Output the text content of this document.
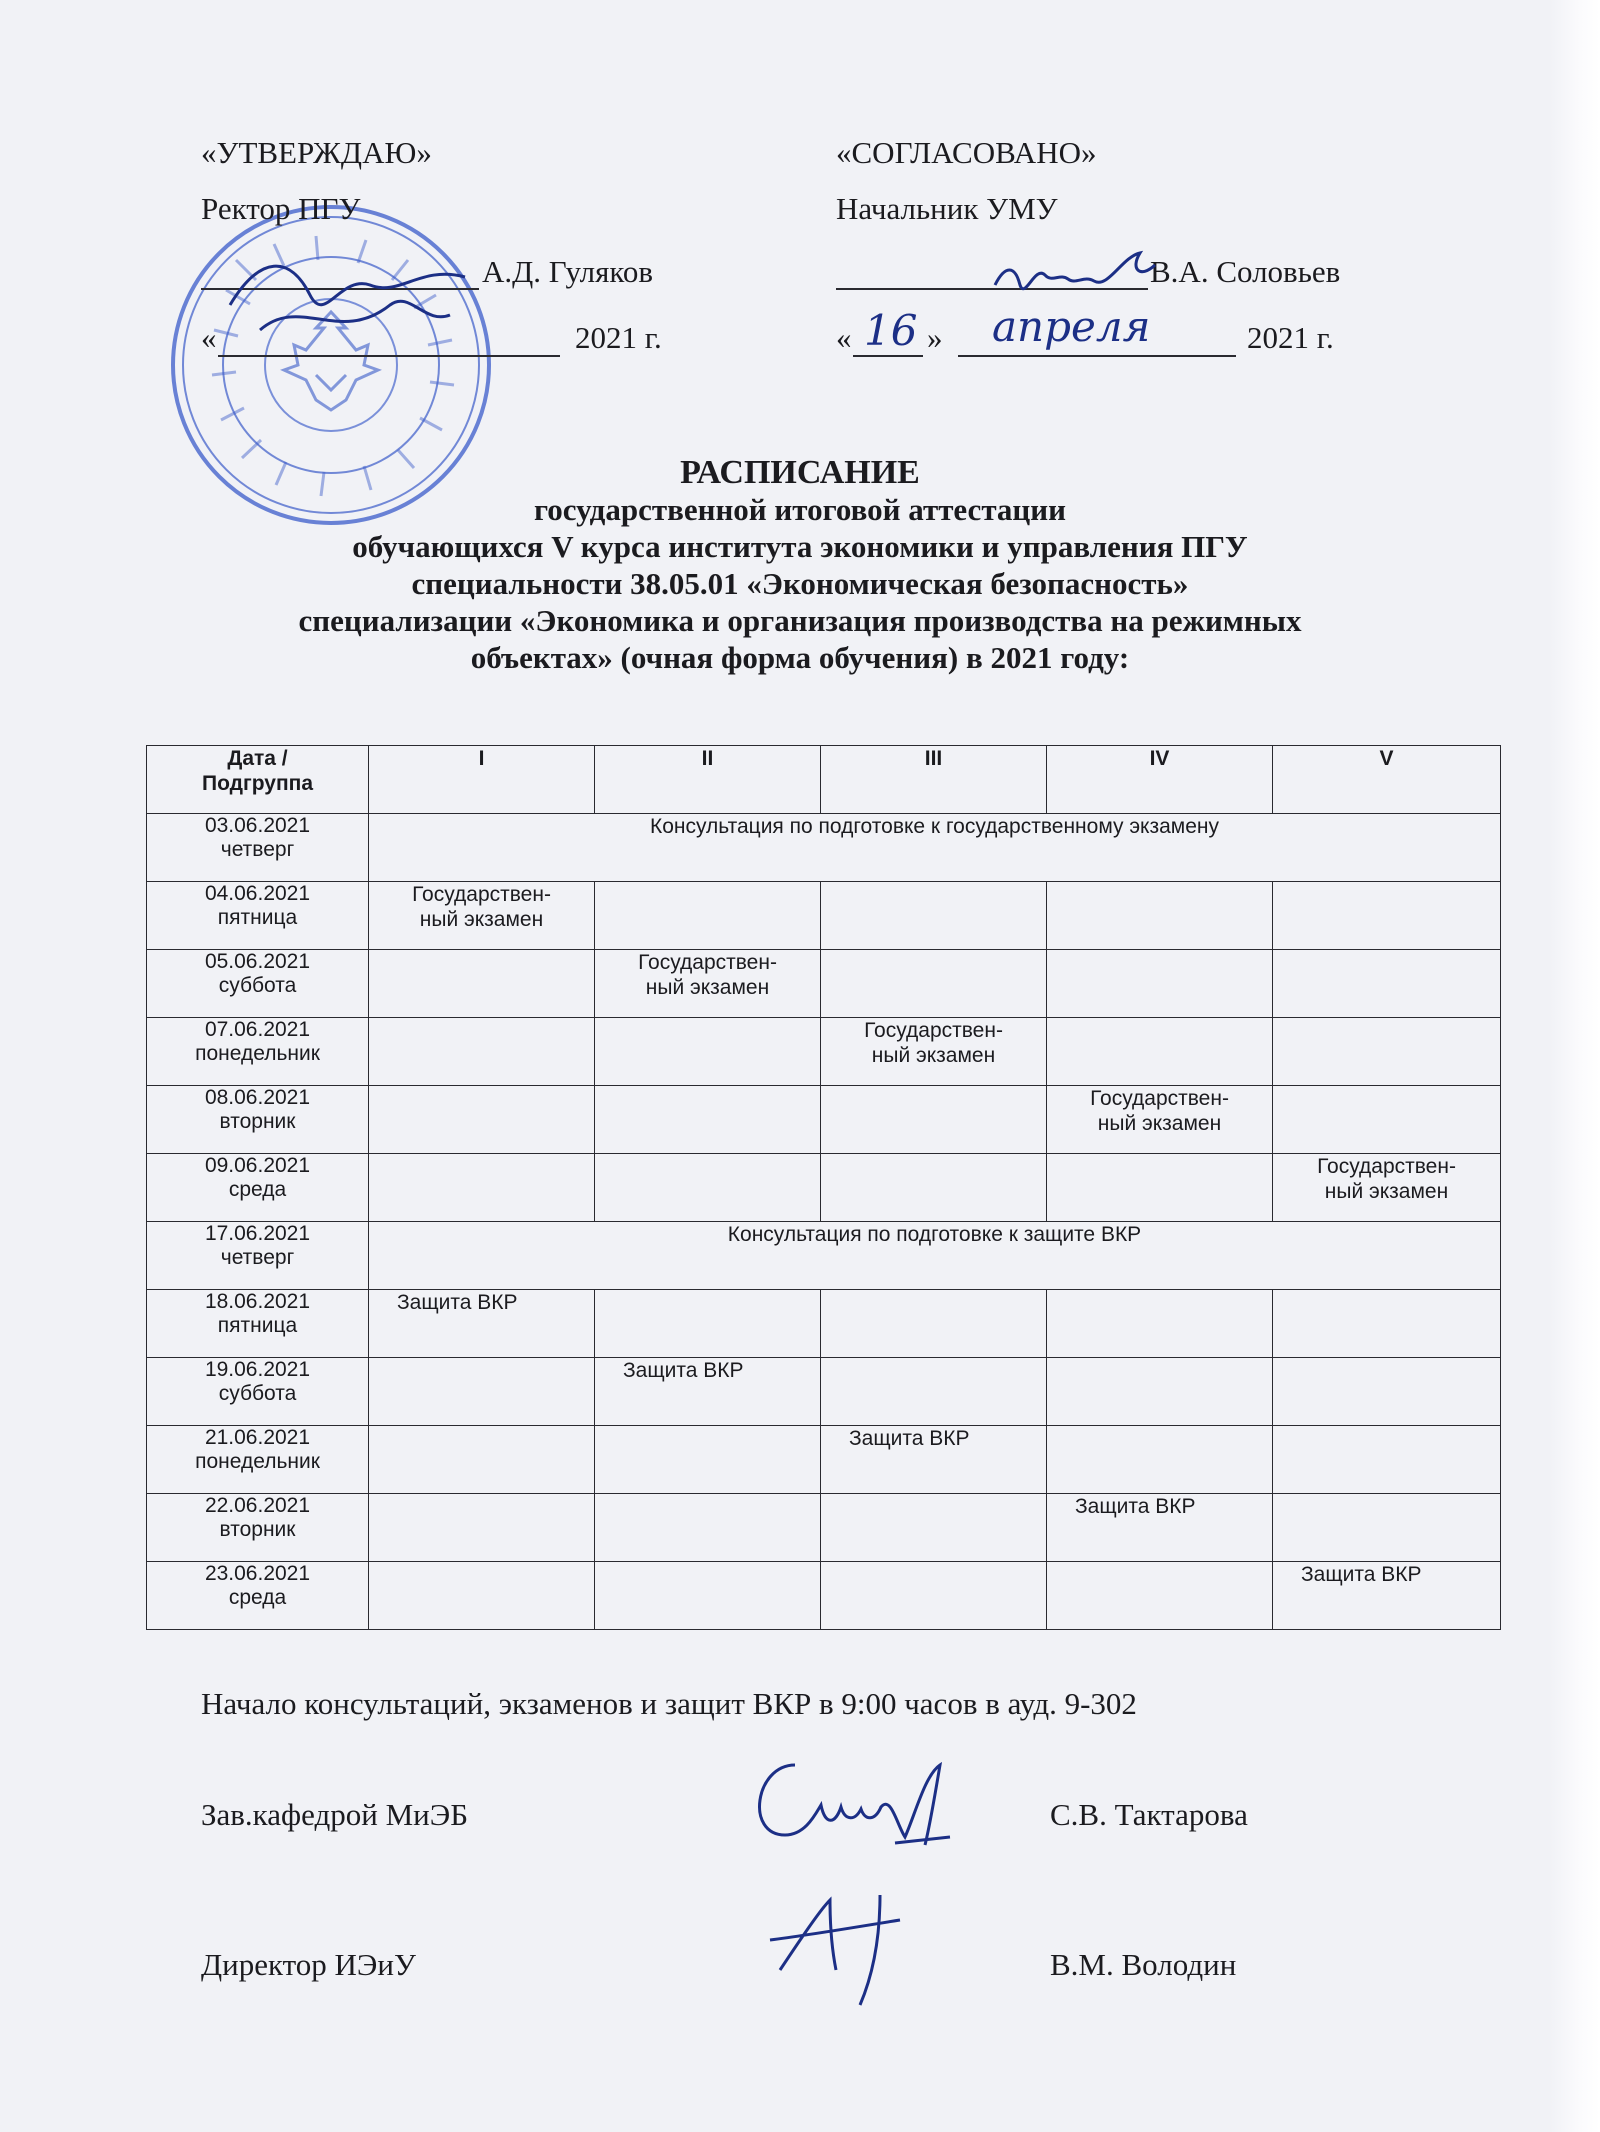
«УТВЕРЖДАЮ»
Ректор ПГУ
А.Д. Гуляков
«	2021 г.
«СОГЛАСОВАНО»
Начальник УМУ
В.А. Соловьев
« 16 » апреля	2021 г.
РАСПИСАНИЕ
государственной итоговой аттестации
обучающихся V курса института экономики и управления ПГУ
специальности 38.05.01 «Экономическая безопасность»
специализации «Экономика и организация производства на режимных
объектах» (очная форма обучения) в 2021 году:
Дата /
Подгруппа	I	II	III	IV	V
03.06.2021
четверг	Консультация по подготовке к государственному экзамену				
04.06.2021
пятница	Государствен-
ный экзамен				
05.06.2021
суббота		Государствен-
ный экзамен			
07.06.2021
понедельник			Государствен-
ный экзамен		
08.06.2021
вторник				Государствен-
ный экзамен	
09.06.2021
среда					Государствен-
ный экзамен
17.06.2021
четверг	Консультация по подготовке к защите ВКР				
18.06.2021
пятница	Защита ВКР				
19.06.2021
суббота		Защита ВКР			
21.06.2021
понедельник			Защита ВКР		
22.06.2021
вторник				Защита ВКР	
23.06.2021
среда					Защита ВКР
Начало консультаций, экзаменов и защит ВКР в 9:00 часов в ауд. 9-302
Зав.кафедрой МиЭБ	С.В. Тактарова
Директор ИЭиУ	В.М. Володин
